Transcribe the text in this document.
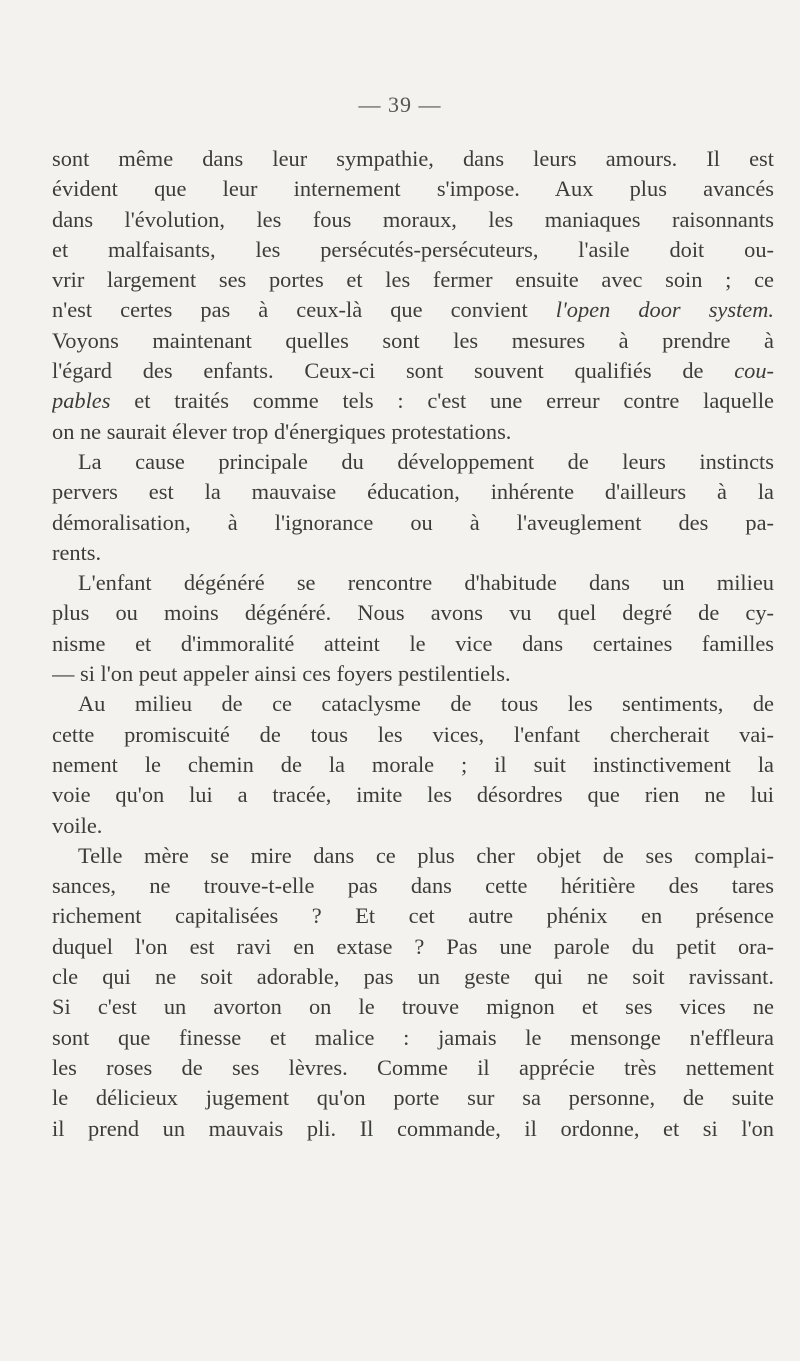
— 39 —
sont même dans leur sympathie, dans leurs amours. Il est
évident que leur internement s'impose. Aux plus avancés
dans l'évolution, les fous moraux, les maniaques raisonnants
et malfaisants, les persécutés-persécuteurs, l'asile doit ou-
vrir largement ses portes et les fermer ensuite avec soin ; ce
n'est certes pas à ceux-là que convient l'open door system.
Voyons maintenant quelles sont les mesures à prendre à
l'égard des enfants. Ceux-ci sont souvent qualifiés de cou-
pables et traités comme tels : c'est une erreur contre laquelle
on ne saurait élever trop d'énergiques protestations.
La cause principale du développement de leurs instincts
pervers est la mauvaise éducation, inhérente d'ailleurs à la
démoralisation, à l'ignorance ou à l'aveuglement des pa-
rents.
L'enfant dégénéré se rencontre d'habitude dans un milieu
plus ou moins dégénéré. Nous avons vu quel degré de cy-
nisme et d'immoralité atteint le vice dans certaines familles
— si l'on peut appeler ainsi ces foyers pestilentiels.
Au milieu de ce cataclysme de tous les sentiments, de
cette promiscuité de tous les vices, l'enfant chercherait vai-
nement le chemin de la morale ; il suit instinctivement la
voie qu'on lui a tracée, imite les désordres que rien ne lui
voile.
Telle mère se mire dans ce plus cher objet de ses complai-
sances, ne trouve-t-elle pas dans cette héritière des tares
richement capitalisées ? Et cet autre phénix en présence
duquel l'on est ravi en extase ? Pas une parole du petit ora-
cle qui ne soit adorable, pas un geste qui ne soit ravissant.
Si c'est un avorton on le trouve mignon et ses vices ne
sont que finesse et malice : jamais le mensonge n'effleura
les roses de ses lèvres. Comme il apprécie très nettement
le délicieux jugement qu'on porte sur sa personne, de suite
il prend un mauvais pli. Il commande, il ordonne, et si l'on
